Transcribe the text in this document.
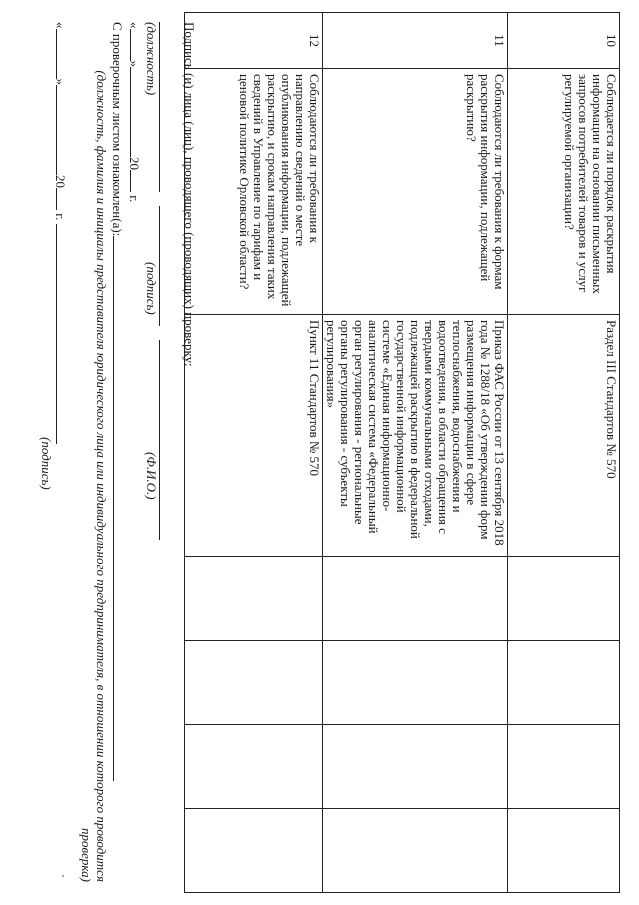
10	Соблюдается ли порядок раскрытия информации на основании письменных запросов потребителей товаров и услуг регулируемой организации?	Раздел III Стандартов № 570				
11	Соблюдаются ли требования к формам раскрытия информации, подлежащей раскрытию?	Приказ ФАС России от 13 сентября 2018 года № 1288/18 «Об утверждении форм размещения информации в сфере теплоснабжения, водоснабжения и водоотведения, в области обращения с твердыми коммунальными отходами, подлежащей раскрытию в федеральной государственной информационной системе «Единая информационно-аналитическая система «Федеральный орган регулирования - региональные органы регулирования - субъекты регулирования»				
12	Соблюдаются ли требования к направлению сведений о месте опубликования информации, подлежащей раскрытию, и срокам направления таких сведений в Управление по тарифам и ценовой политике Орловской области?	Пункт 11 Стандартов № 570				
Подпись (и) лица (лиц), проводящего (проводящих) проверку:
(должность)
(подпись)
(Ф.И.О.)
«»20 г.
С проверочным листом ознакомлен(а):
(должность, фамилия и инициалы представителя юридического лица или индивидуального предпринимателя, в отношении которого проводится проверка)
«»20 г.
(подпись)
